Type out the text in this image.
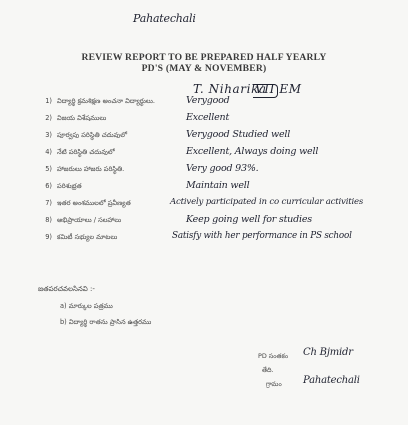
Pahatechali
REVIEW REPORT TO BE PREPARED HALF YEARLY
PD'S (MAY & NOVEMBER)
T. Niharika
VII EM
1) విద్యార్థి క్రమశిక్షణ అంచనా విద్యార్థులు.	Verygood
2) విజయ విశేషములు	Excellent
3) పూర్వపు పరిస్థితి చదువులో	Verygood Studied well
4) నేటి పరిస్థితి చదువులో	Excellent, Always doing well
5) హాజరులు హాజరు పరిస్థితి.	Very good 93%.
6) పరిశుభ్రత	Maintain well
7) ఇతర అంశములలో ప్రవీణ్యత	Actively participated in co curricular activities
8) అభిప్రాయాలు / సలహాలు	Keep going well for studies
9) కమిటీ సభ్యుల మాటలు	Satisfy with her performance in PS school
జతపరచవలసినవి :-
a) మార్కుల పత్రము
b) విద్యార్థి రాతను ప్రాసిన ఉత్తరము
PD సంతకం Ch Bjmidr
తేది.
గ్రామం Pahatechali
